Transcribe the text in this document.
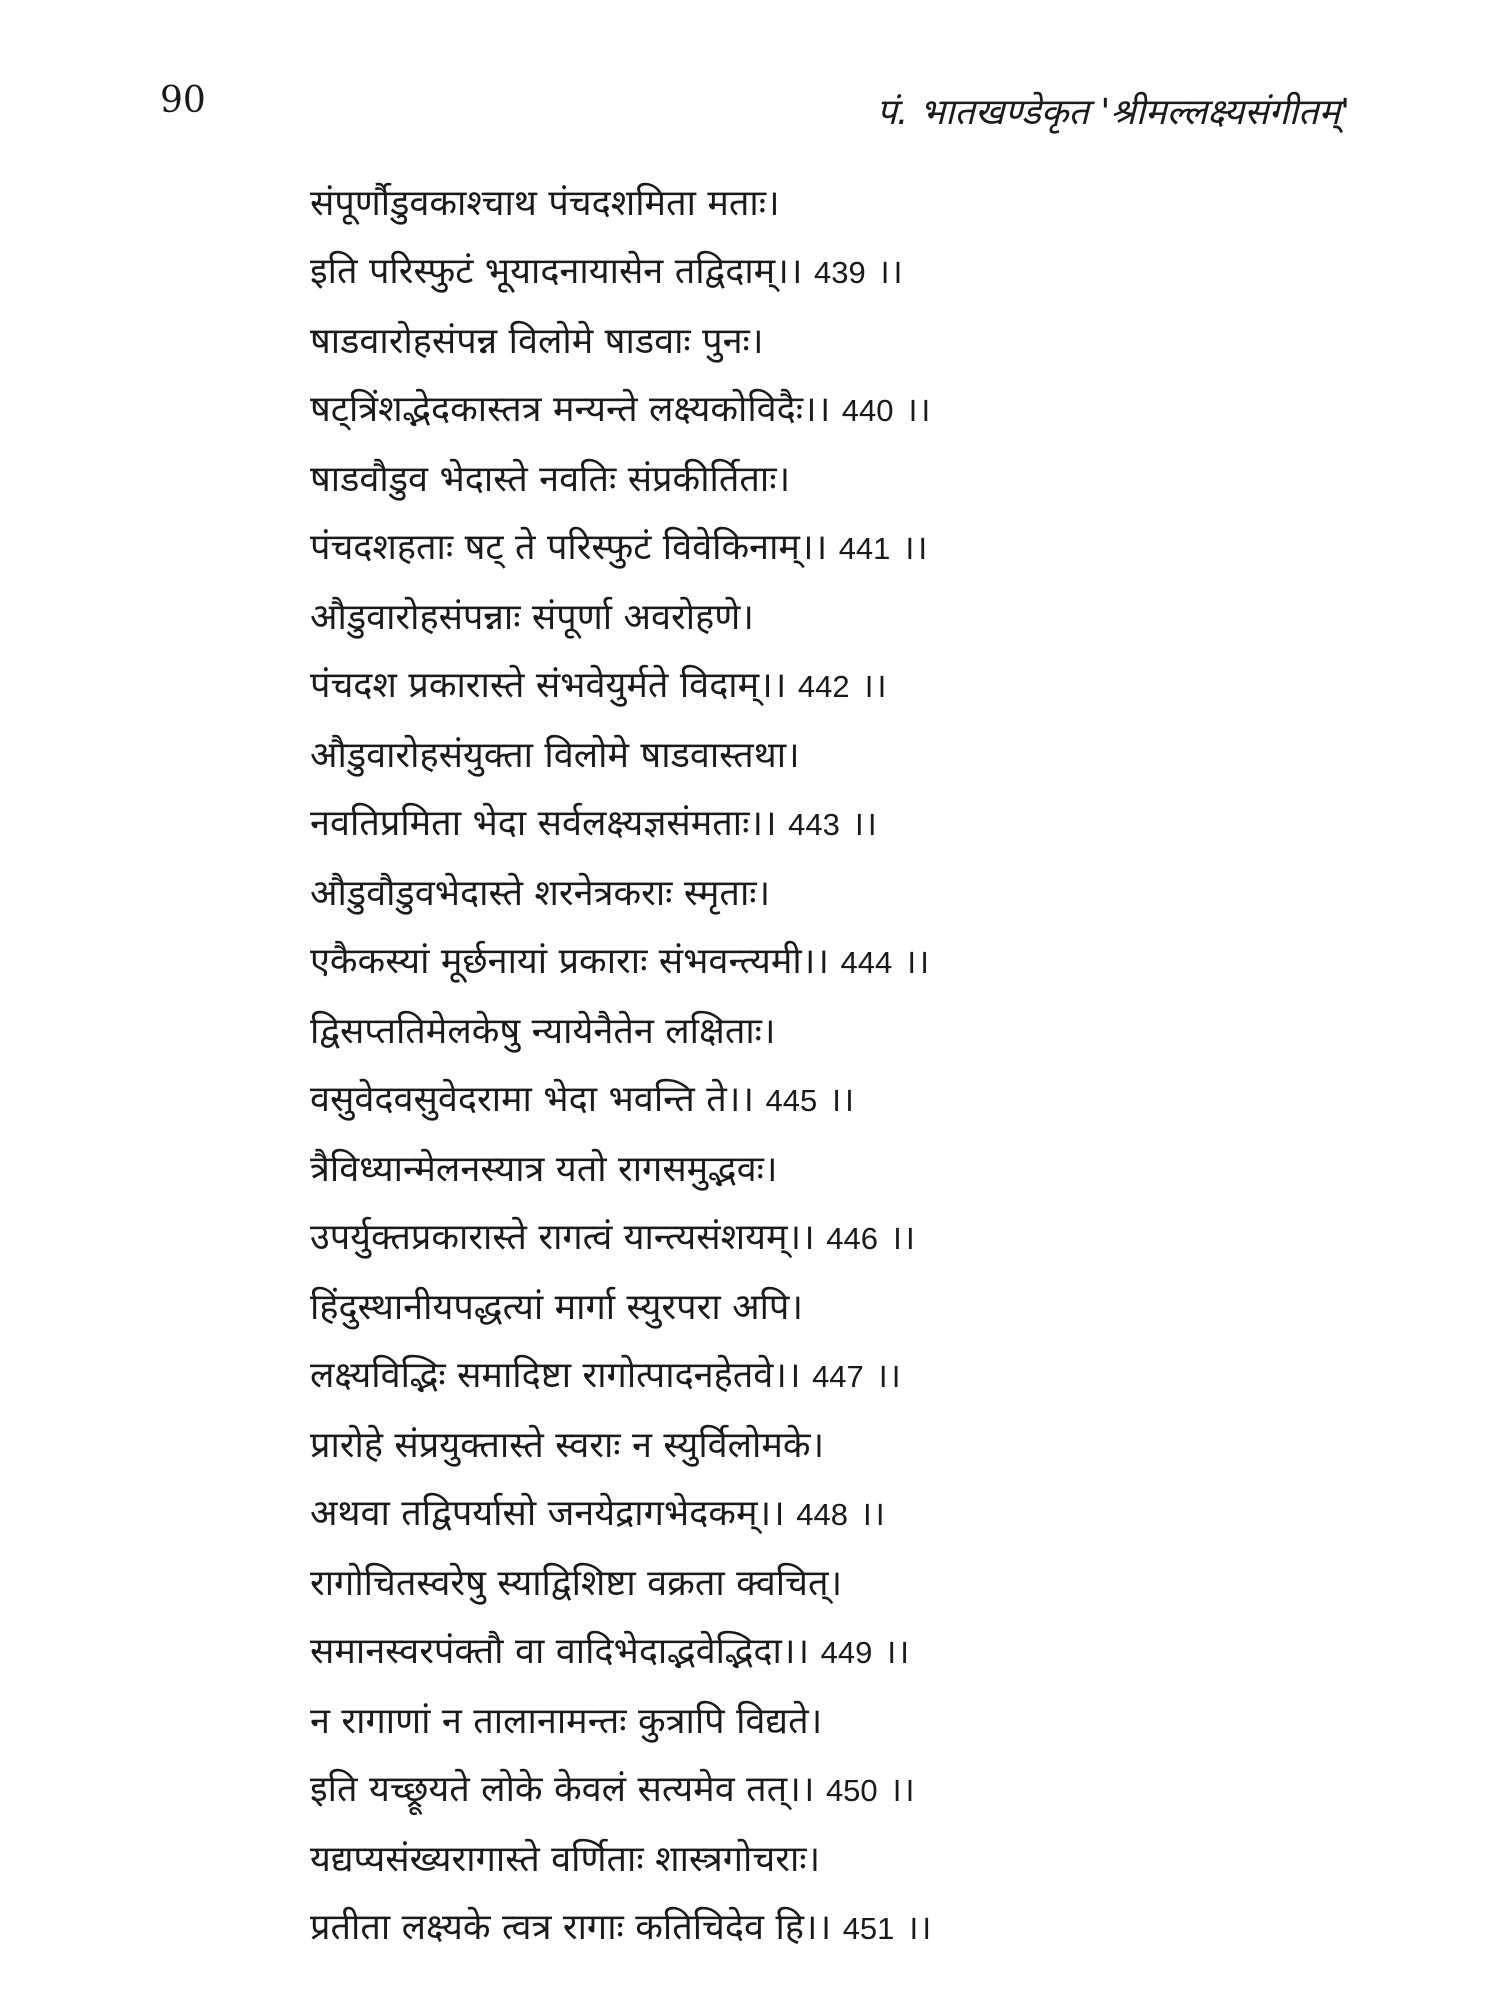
90	पं. भातखण्डेकृत 'श्रीमल्लक्ष्यसंगीतम्'
संपूर्णौडुवकाश्चाथ पंचदशमिता मताः।
इति परिस्फुटं भूयादनायासेन तद्विदाम्।। 439 ।।
षाडवारोहसंपन्न विलोमे षाडवाः पुनः।
षट्त्रिंशद्भेदकास्तत्र मन्यन्ते लक्ष्यकोविदैः।। 440 ।।
षाडवौडुव भेदास्ते नवतिः संप्रकीर्तिताः।
पंचदशहताः षट् ते परिस्फुटं विवेकिनाम्।। 441 ।।
औडुवारोहसंपन्नाः संपूर्णा अवरोहणे।
पंचदश प्रकारास्ते संभवेयुर्मते विदाम्।। 442 ।।
औडुवारोहसंयुक्ता विलोमे षाडवास्तथा।
नवतिप्रमिता भेदा सर्वलक्ष्यज्ञसंमताः।। 443 ।।
औडुवौडुवभेदास्ते शरनेत्रकराः स्मृताः।
एकैकस्यां मूर्छनायां प्रकाराः संभवन्त्यमी।। 444 ।।
द्विसप्ततिमेलकेषु न्यायेनैतेन लक्षिताः।
वसुवेदवसुवेदरामा भेदा भवन्ति ते।। 445 ।।
त्रैविध्यान्मेलनस्यात्र यतो रागसमुद्भवः।
उपर्युक्तप्रकारास्ते रागत्वं यान्त्यसंशयम्।। 446 ।।
हिंदुस्थानीयपद्धत्यां मार्गा स्युरपरा अपि।
लक्ष्यविद्भिः समादिष्टा रागोत्पादनहेतवे।। 447 ।।
प्रारोहे संप्रयुक्तास्ते स्वराः न स्युर्विलोमके।
अथवा तद्विपर्यासो जनयेद्रागभेदकम्।। 448 ।।
रागोचितस्वरेषु स्याद्विशिष्टा वक्रता क्वचित्।
समानस्वरपंक्तौ वा वादिभेदाद्भवेद्भिदा।। 449 ।।
न रागाणां न तालानामन्तः कुत्रापि विद्यते।
इति यच्छ्रूयते लोके केवलं सत्यमेव तत्।। 450 ।।
यद्यप्यसंख्यरागास्ते वर्णिताः शास्त्रगोचराः।
प्रतीता लक्ष्यके त्वत्र रागाः कतिचिदेव हि।। 451 ।।
